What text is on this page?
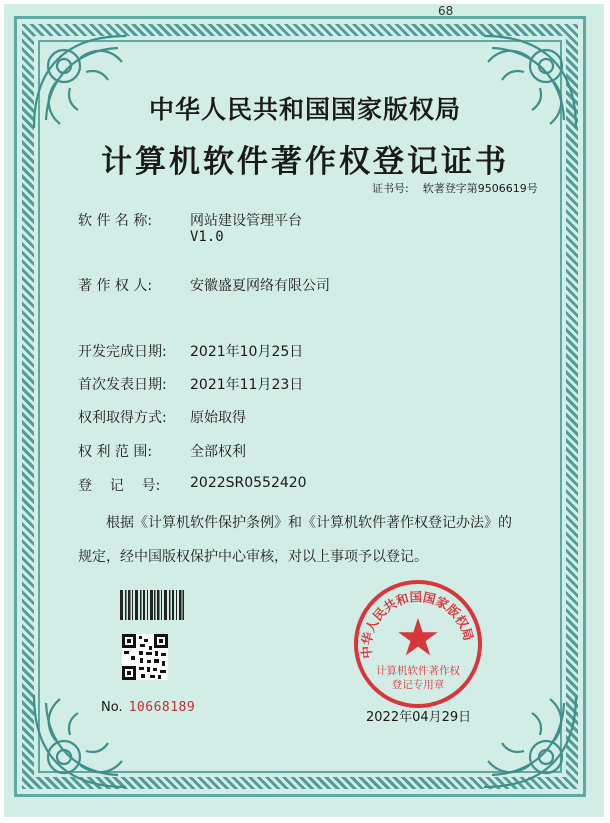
68
中华人民共和国国家版权局
计算机软件著作权登记证书
证书号: 软著登字第9506619号
软 件 名 称:	网站建设管理平台
V1.0
著 作 权 人:	安徽盛夏网络有限公司
开发完成日期:	2021年10月25日
首次发表日期:	2021年11月23日
权利取得方式:	原始取得
权 利 范 围:	全部权利
登    记    号:	2022SR0552420
根据《计算机软件保护条例》和《计算机软件著作权登记办法》的
规定，经中国版权保护中心审核，对以上事项予以登记。
No. 10668189
中华人民共和国国家版权局
计算机软件著作权
登记专用章
2022年04月29日
